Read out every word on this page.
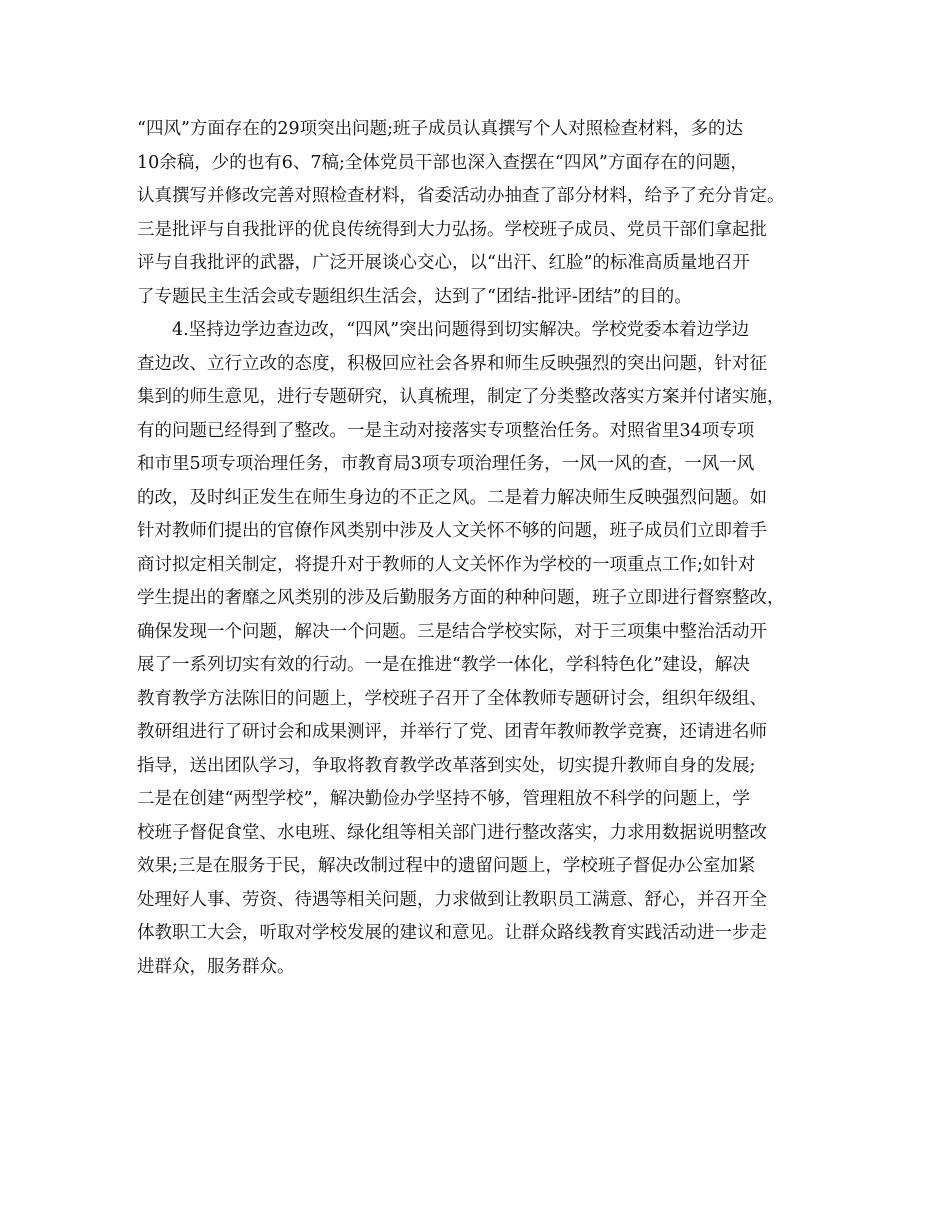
“四风”方面存在的29项突出问题;班子成员认真撰写个人对照检查材料，多的达
10余稿，少的也有6、7稿;全体党员干部也深入查摆在“四风”方面存在的问题，
认真撰写并修改完善对照检查材料，省委活动办抽查了部分材料，给予了充分肯定。
三是批评与自我批评的优良传统得到大力弘扬。学校班子成员、党员干部们拿起批
评与自我批评的武器，广泛开展谈心交心，以“出汗、红脸”的标准高质量地召开
了专题民主生活会或专题组织生活会，达到了“团结-批评-团结”的目的。
4.坚持边学边查边改，“四风”突出问题得到切实解决。学校党委本着边学边
查边改、立行立改的态度，积极回应社会各界和师生反映强烈的突出问题，针对征
集到的师生意见，进行专题研究，认真梳理，制定了分类整改落实方案并付诸实施，
有的问题已经得到了整改。一是主动对接落实专项整治任务。对照省里34项专项
和市里5项专项治理任务，市教育局3项专项治理任务，一风一风的查，一风一风
的改，及时纠正发生在师生身边的不正之风。二是着力解决师生反映强烈问题。如
针对教师们提出的官僚作风类别中涉及人文关怀不够的问题，班子成员们立即着手
商讨拟定相关制定，将提升对于教师的人文关怀作为学校的一项重点工作;如针对
学生提出的奢靡之风类别的涉及后勤服务方面的种种问题，班子立即进行督察整改，
确保发现一个问题，解决一个问题。三是结合学校实际，对于三项集中整治活动开
展了一系列切实有效的行动。一是在推进“教学一体化，学科特色化”建设，解决
教育教学方法陈旧的问题上，学校班子召开了全体教师专题研讨会，组织年级组、
教研组进行了研讨会和成果测评，并举行了党、团青年教师教学竞赛，还请进名师
指导，送出团队学习，争取将教育教学改革落到实处，切实提升教师自身的发展;
二是在创建“两型学校”，解决勤俭办学坚持不够，管理粗放不科学的问题上，学
校班子督促食堂、水电班、绿化组等相关部门进行整改落实，力求用数据说明整改
效果;三是在服务于民，解决改制过程中的遗留问题上，学校班子督促办公室加紧
处理好人事、劳资、待遇等相关问题，力求做到让教职员工满意、舒心，并召开全
体教职工大会，听取对学校发展的建议和意见。让群众路线教育实践活动进一步走
进群众，服务群众。
